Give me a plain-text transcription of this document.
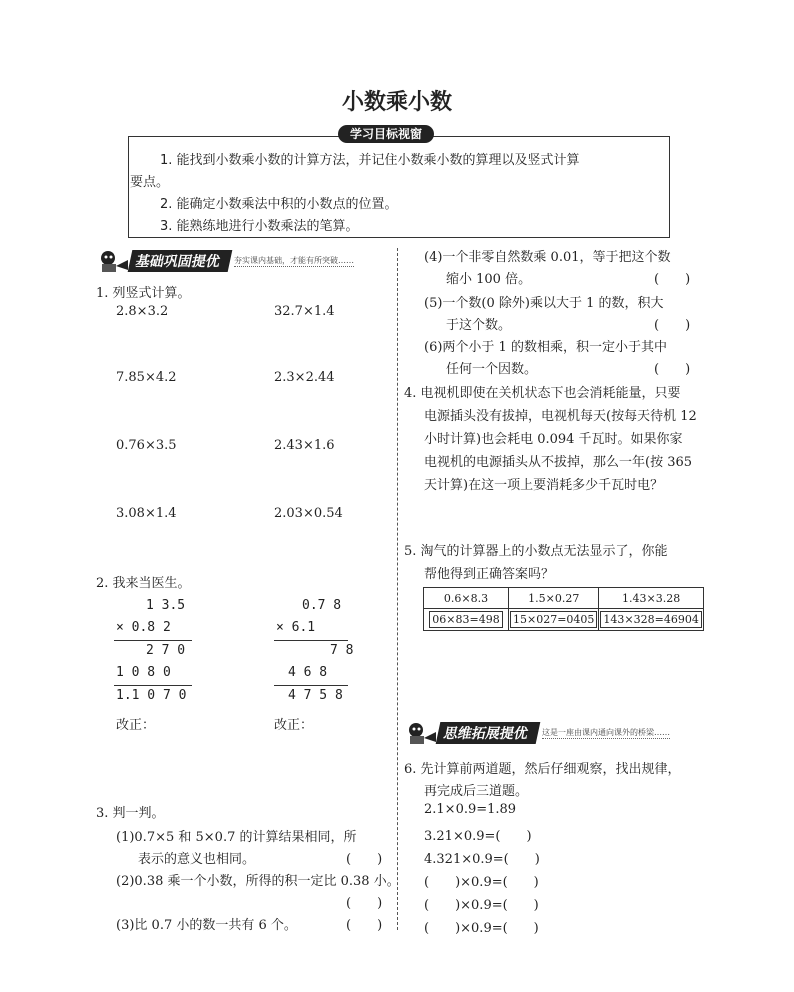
小数乘小数
学习目标视窗
1. 能找到小数乘小数的计算方法，并记住小数乘小数的算理以及竖式计算
要点。
2. 能确定小数乘法中积的小数点的位置。
3. 能熟练地进行小数乘法的笔算。
基础巩固提优	夯实课内基础，才能有所突破……
1. 列竖式计算。
2.8×3.2	32.7×1.4
7.85×4.2	2.3×2.44
0.76×3.5	2.43×1.6
3.08×1.4	2.03×0.54
2. 我来当医生。
1 3.5
× 0.8 2
2 7 0
1 0 8 0
1.1 0 7 0
0.7 8
× 6.1
7 8
4 6 8
4 7 5 8
改正：	改正：
3. 判一判。
(1)0.7×5 和 5×0.7 的计算结果相同，所
表示的意义也相同。	(　　)
(2)0.38 乘一个小数，所得的积一定比 0.38 小。
(　　)
(3)比 0.7 小的数一共有 6 个。	(　　)
(4)一个非零自然数乘 0.01，等于把这个数
缩小 100 倍。	(　　)
(5)一个数(0 除外)乘以大于 1 的数，积大
于这个数。	(　　)
(6)两个小于 1 的数相乘，积一定小于其中
任何一个因数。	(　　)
4. 电视机即使在关机状态下也会消耗能量，只要
电源插头没有拔掉，电视机每天(按每天待机 12
小时计算)也会耗电 0.094 千瓦时。如果你家
电视机的电源插头从不拔掉，那么一年(按 365
天计算)在这一项上要消耗多少千瓦时电？
5. 淘气的计算器上的小数点无法显示了，你能
帮他得到正确答案吗？
0.6×8.3	1.5×0.27	1.43×3.28
06×83=498	15×027=0405	143×328=46904
思维拓展提优	这是一座由课内通向课外的桥梁……
6. 先计算前两道题，然后仔细观察，找出规律，
再完成后三道题。
2.1×0.9=1.89
3.21×0.9=(　　)
4.321×0.9=(　　)
(　　)×0.9=(　　)
(　　)×0.9=(　　)
(　　)×0.9=(　　)
